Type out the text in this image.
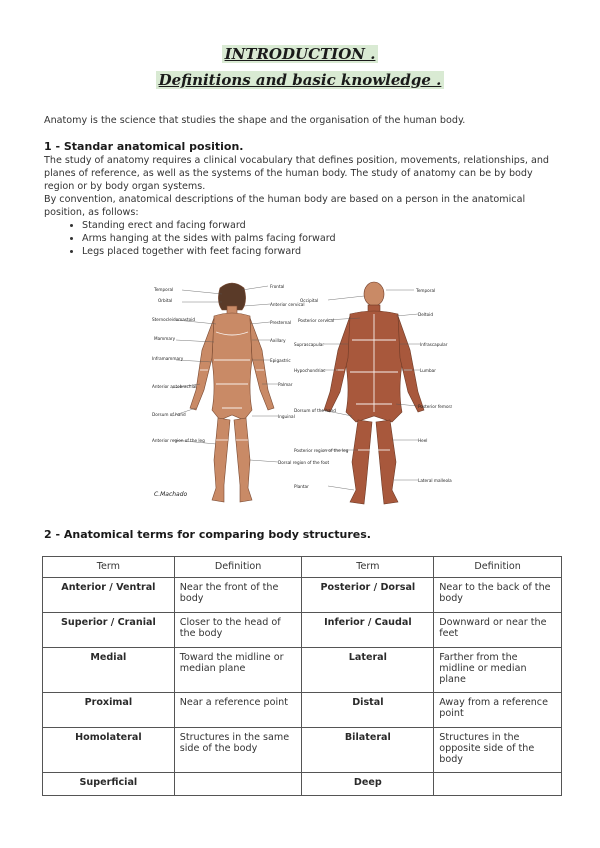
INTRODUCTION .
Definitions and basic knowledge .
Anatomy is the science that studies the shape and the organisation of the human body.
1 - Standar anatomical position.
The study of anatomy requires a clinical vocabulary that defines position, movements, relationships, and planes of reference, as well as the systems of the human body. The study of anatomy can be by body region or by body organ systems.
By convention, anatomical descriptions of the human body are based on a person in the anatomical position, as follows:
• Standing erect and facing forward
• Arms hanging at the sides with palms facing forward
• Legs placed together with feet facing forward
Temporal
Orbital
Sternocleidomastoid
Mammary
Inframammary
Anterior antebrachial
Dorsum of hand
Anterior region of the leg
Frontal
Anterior cervical
Presternal
Axillary
Epigastric
Palmar
Inguinal
Dorsal region of the foot
Occipital
Posterior cervical
Suprascapular
Hypochondriac
Dorsum of the hand
Posterior region of the leg
Plantar
Temporal
Deltoid
Infrascapular
Lumbar
Posterior femoral
Heel
Lateral malleolar
C.Machado
2 - Anatomical terms for comparing body structures.
Term	Definition	Term	Definition
Anterior / Ventral	Near the front of the body	Posterior / Dorsal	Near to the back of the body
Superior / Cranial	Closer to the head of the body	Inferior / Caudal	Downward or near the feet
Medial	Toward the midline or median plane	Lateral	Farther from the midline or median plane
Proximal	Near a reference point	Distal	Away from a reference point
Homolateral	Structures in the same side of the body	Bilateral	Structures in the opposite side of the body
Superficial		Deep	
